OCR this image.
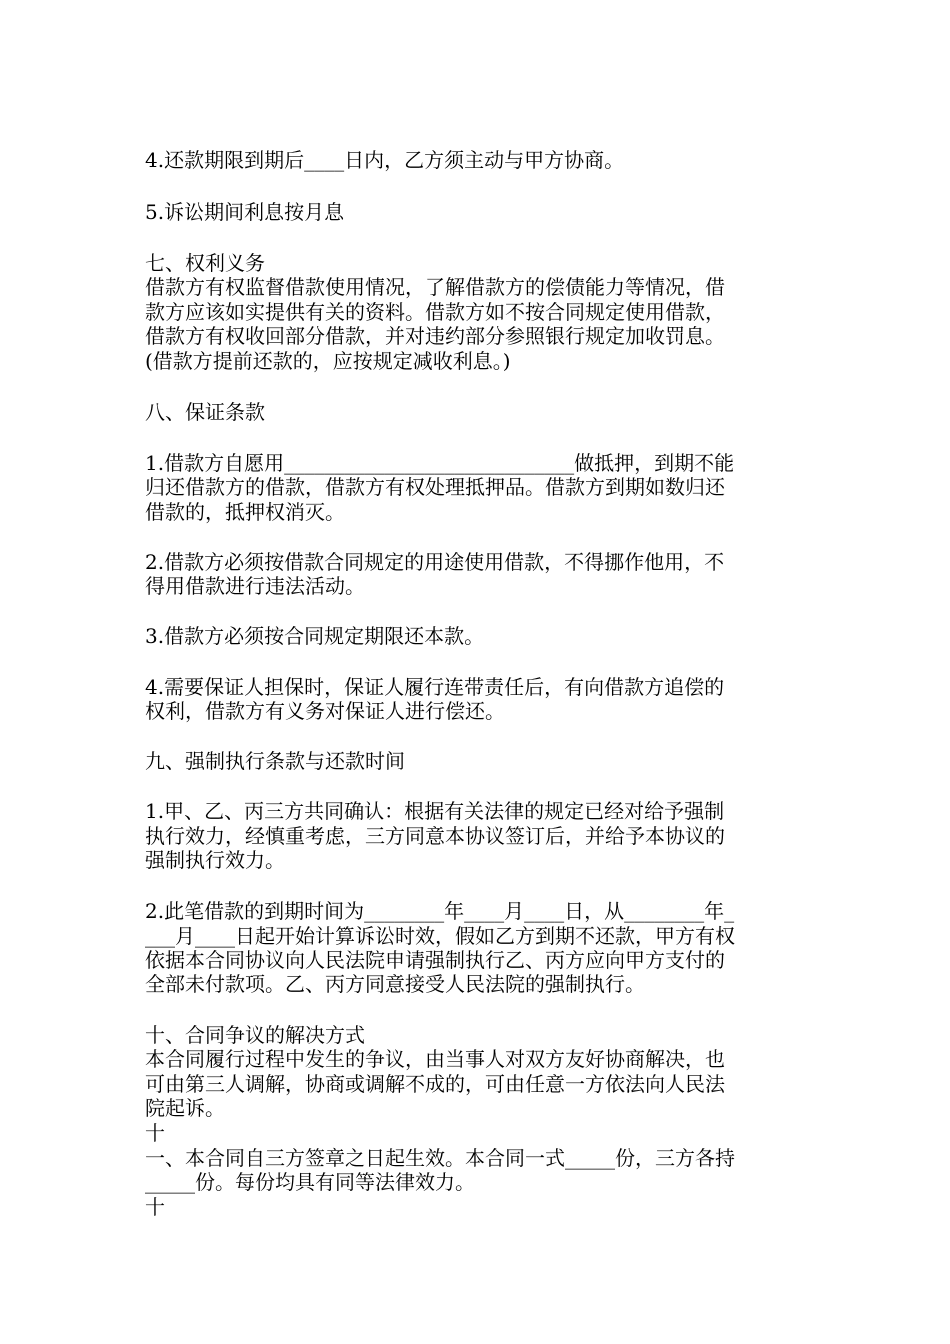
4.还款期限到期后____日内，乙方须主动与甲方协商。
5.诉讼期间利息按月息
七、权利义务
借款方有权监督借款使用情况，了解借款方的偿债能力等情况，借
款方应该如实提供有关的资料。借款方如不按合同规定使用借款，
借款方有权收回部分借款，并对违约部分参照银行规定加收罚息。
(借款方提前还款的，应按规定减收利息。)
八、保证条款
1.借款方自愿用_____________________________做抵押，到期不能
归还借款方的借款，借款方有权处理抵押品。借款方到期如数归还
借款的，抵押权消灭。
2.借款方必须按借款合同规定的用途使用借款，不得挪作他用，不
得用借款进行违法活动。
3.借款方必须按合同规定期限还本款。
4.需要保证人担保时，保证人履行连带责任后，有向借款方追偿的
权利，借款方有义务对保证人进行偿还。
九、强制执行条款与还款时间
1.甲、乙、丙三方共同确认：根据有关法律的规定已经对给予强制
执行效力，经慎重考虑，三方同意本协议签订后，并给予本协议的
强制执行效力。
2.此笔借款的到期时间为________年____月____日，从________年_
___月____日起开始计算诉讼时效，假如乙方到期不还款，甲方有权
依据本合同协议向人民法院申请强制执行乙、丙方应向甲方支付的
全部未付款项。乙、丙方同意接受人民法院的强制执行。
十、合同争议的解决方式
本合同履行过程中发生的争议，由当事人对双方友好协商解决，也
可由第三人调解，协商或调解不成的，可由任意一方依法向人民法
院起诉。
十
一、本合同自三方签章之日起生效。本合同一式_____份，三方各持
_____份。每份均具有同等法律效力。
十
